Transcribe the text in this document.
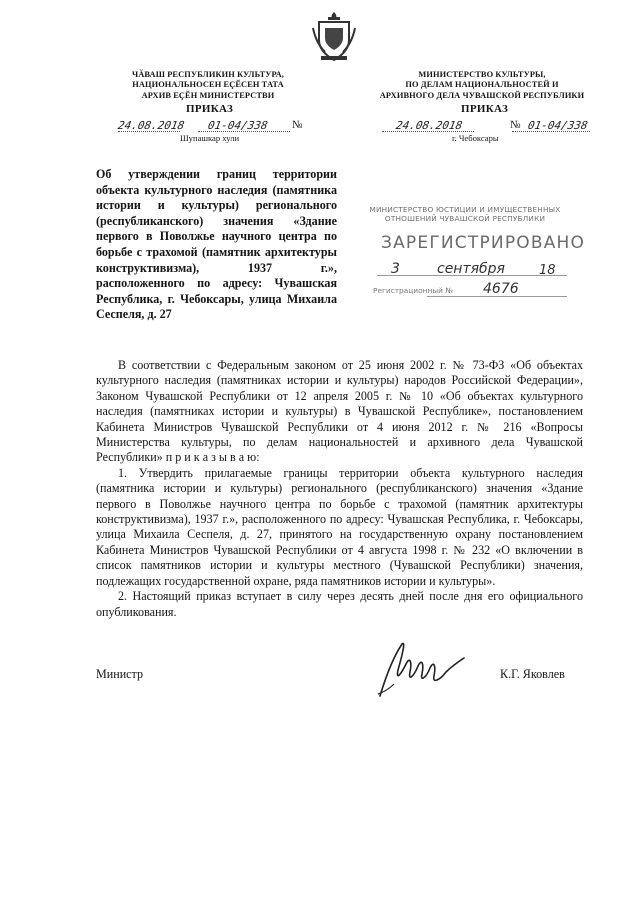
ЧӐВАШ РЕСПУБЛИКИН КУЛЬТУРА,
НАЦИОНАЛЬНОСЕН ЕҪӖСЕН ТАТА
АРХИВ ЕҪӖН МИНИСТЕРСТВИ
МИНИСТЕРСТВО КУЛЬТУРЫ,
ПО ДЕЛАМ НАЦИОНАЛЬНОСТЕЙ И
АРХИВНОГО ДЕЛА ЧУВАШСКОЙ РЕСПУБЛИКИ
ПРИКАЗ
24.08.2018 01-04/338 №
Шупашкар хули
ПРИКАЗ
24.08.2018	№ 01-04/338
г. Чебоксары
Об утверждении границ территории объекта культурного наследия (памятника истории и культуры) регионального (республиканского) значения «Здание первого в Поволжье научного центра по борьбе с трахомой (памятник архитектуры конструктивизма), 1937 г.», расположенного по адресу: Чувашская Республика, г. Чебоксары, улица Михаила Сеспеля, д. 27
МИНИСТЕРСТВО ЮСТИЦИИ И ИМУЩЕСТВЕННЫХ ОТНОШЕНИЙ ЧУВАШСКОЙ РЕСПУБЛИКИ
ЗАРЕГИСТРИРОВАНО
3	сентября	18
Регистрационный № 4676

В соответствии с Федеральным законом от 25 июня 2002 г. № 73-ФЗ «Об объектах культурного наследия (памятниках истории и культуры) народов Российской Федерации», Законом Чувашской Республики от 12 апреля 2005 г. № 10 «Об объектах культурного наследия (памятниках истории и культуры) в Чувашской Республике», постановлением Кабинета Министров Чувашской Республики от 4 июня 2012 г. № 216 «Вопросы Министерства культуры, по делам национальностей и архивного дела Чувашской Республики» п р и к а з ы в а ю:

1. Утвердить прилагаемые границы территории объекта культурного наследия (памятника истории и культуры) регионального (республиканского) значения «Здание первого в Поволжье научного центра по борьбе с трахомой (памятник архитектуры конструктивизма), 1937 г.», расположенного по адресу: Чувашская Республика, г. Чебоксары, улица Михаила Сеспеля, д. 27, принятого на государственную охрану постановлением Кабинета Министров Чувашской Республики от 4 августа 1998 г. № 232 «О включении в список памятников истории и культуры местного (Чувашской Республики) значения, подлежащих государственной охране, ряда памятников истории и культуры».

2. Настоящий приказ вступает в силу через десять дней после дня его официального опубликования.

Министр	К.Г. Яковлев
